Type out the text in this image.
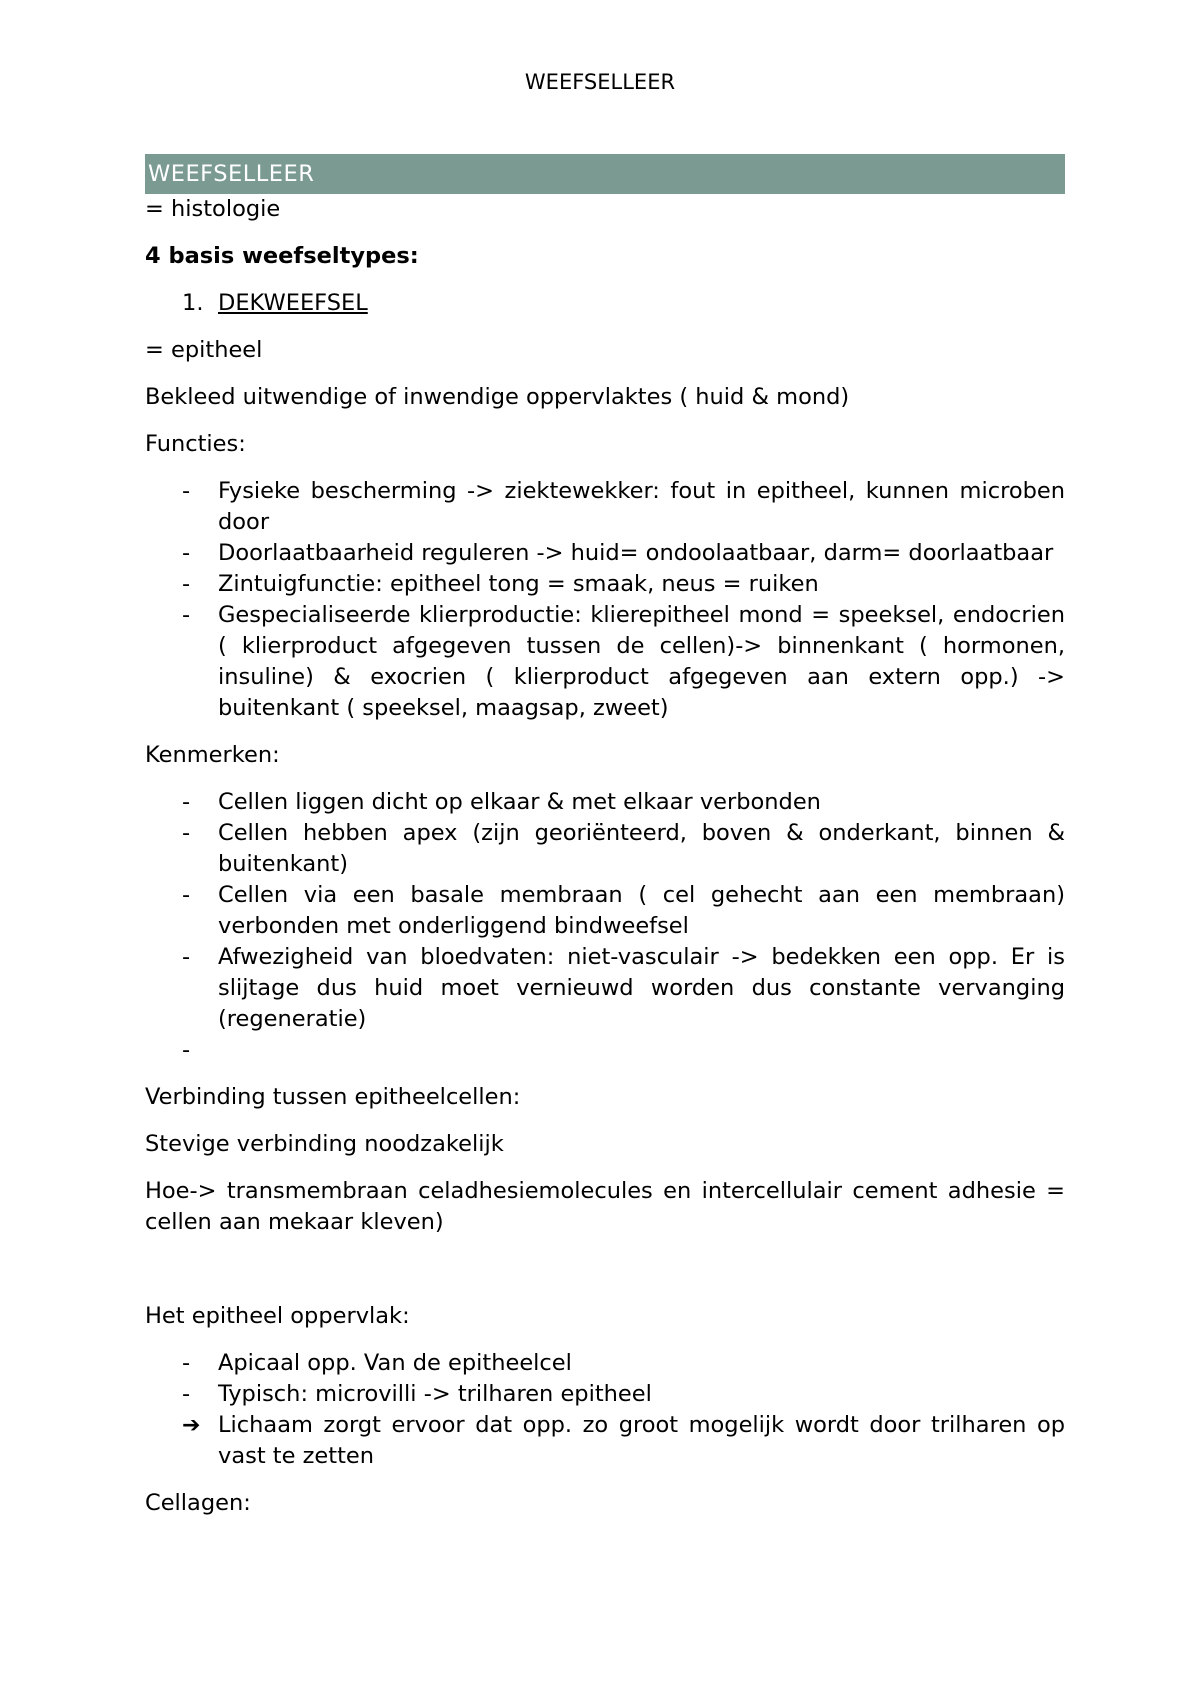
WEEFSELLEER
WEEFSELLEER

= histologie

4 basis weefseltypes:

1. DEKWEEFSEL

= epitheel

Bekleed uitwendige of inwendige oppervlaktes ( huid & mond)

Functies:

-	Fysieke bescherming -> ziektewekker: fout in epitheel, kunnen microben door
-	Doorlaatbaarheid reguleren -> huid= ondoolaatbaar, darm= doorlaatbaar
-	Zintuigfunctie: epitheel tong = smaak, neus = ruiken
-	Gespecialiseerde klierproductie: klierepitheel mond = speeksel, endocrien ( klierproduct afgegeven tussen de cellen)-> binnenkant ( hormonen, insuline) & exocrien ( klierproduct afgegeven aan extern opp.) -> buitenkant ( speeksel, maagsap, zweet)

Kenmerken:

-	Cellen liggen dicht op elkaar & met elkaar verbonden
-	Cellen hebben apex (zijn georiënteerd, boven & onderkant, binnen & buitenkant)
-	Cellen via een basale membraan ( cel gehecht aan een membraan) verbonden met onderliggend bindweefsel
-	Afwezigheid van bloedvaten: niet-vasculair -> bedekken een opp. Er is slijtage dus huid moet vernieuwd worden dus constante vervanging (regeneratie)
-

Verbinding tussen epitheelcellen:

Stevige verbinding noodzakelijk

Hoe-> transmembraan celadhesiemolecules en intercellulair cement adhesie = cellen aan mekaar kleven)

Het epitheel oppervlak:

-	Apicaal opp. Van de epitheelcel
-	Typisch: microvilli -> trilharen epitheel
➔ Lichaam zorgt ervoor dat opp. zo groot mogelijk wordt door trilharen op vast te zetten

Cellagen:
